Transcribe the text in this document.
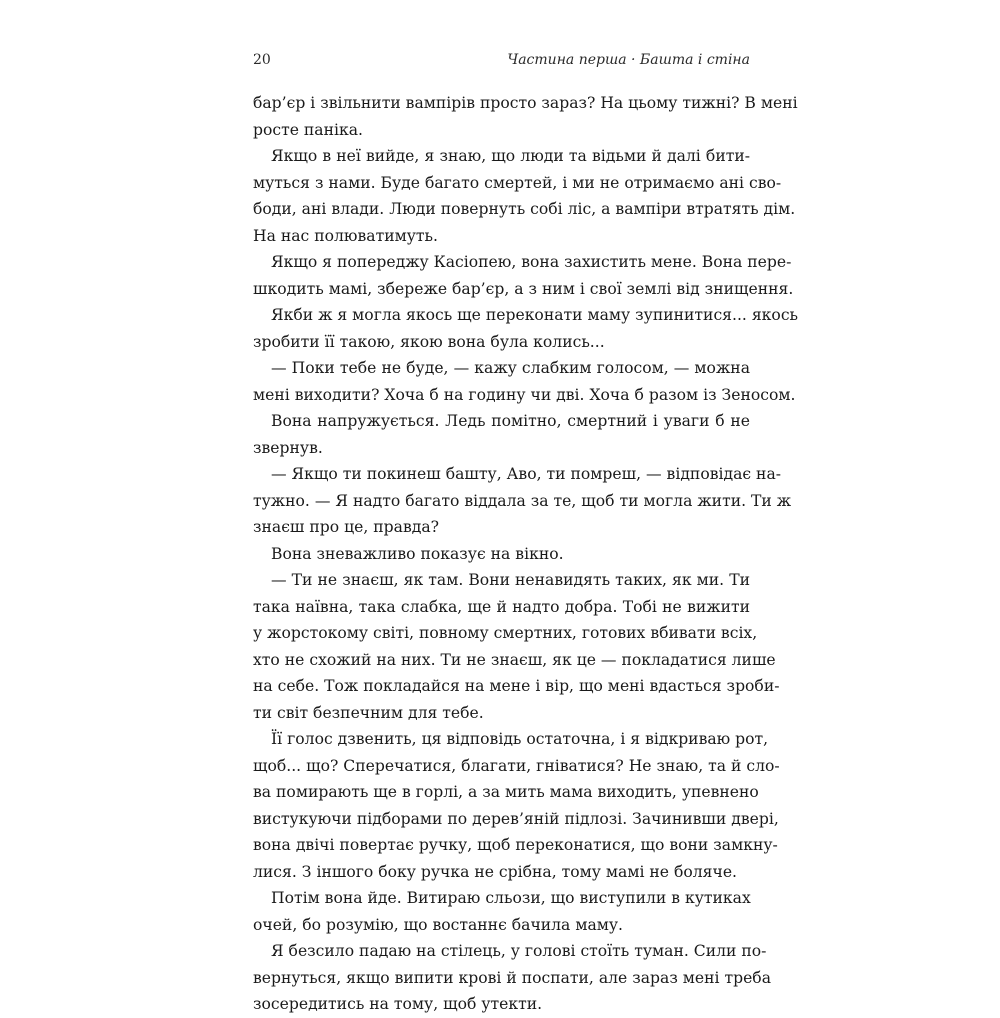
20	Частина перша · Башта і стіна
бар’єр і звільнити вампірів просто зараз? На цьому тижні? В мені
росте паніка.
Якщо в неї вийде, я знаю, що люди та відьми й далі бити-
муться з нами. Буде багато смертей, і ми не отримаємо ані сво-
боди, ані влади. Люди повернуть собі ліс, а вампіри втратять дім.
На нас полюватимуть.
Якщо я попереджу Касіопею, вона захистить мене. Вона пере-
шкодить мамі, збереже бар’єр, а з ним і свої землі від знищення.
Якби ж я могла якось ще переконати маму зупинитися... якось
зробити її такою, якою вона була колись...
— Поки тебе не буде, — кажу слабким голосом, — можна
мені виходити? Хоча б на годину чи дві. Хоча б разом із Зеносом.
Вона напружується. Ледь помітно, смертний і уваги б не
звернув.
— Якщо ти покинеш башту, Аво, ти помреш, — відповідає на-
тужно. — Я надто багато віддала за те, щоб ти могла жити. Ти ж
знаєш про це, правда?
Вона зневажливо показує на вікно.
— Ти не знаєш, як там. Вони ненавидять таких, як ми. Ти
така наївна, така слабка, ще й надто добра. Тобі не вижити
у жорстокому світі, повному смертних, готових вбивати всіх,
хто не схожий на них. Ти не знаєш, як це — покладатися лише
на себе. Тож покладайся на мене і вір, що мені вдасться зроби-
ти світ безпечним для тебе.
Її голос дзвенить, ця відповідь остаточна, і я відкриваю рот,
щоб... що? Сперечатися, благати, гніватися? Не знаю, та й сло-
ва помирають ще в горлі, а за мить мама виходить, упевнено
вистукуючи підборами по дерев’яній підлозі. Зачинивши двері,
вона двічі повертає ручку, щоб переконатися, що вони замкну-
лися. З іншого боку ручка не срібна, тому мамі не боляче.
Потім вона йде. Витираю сльози, що виступили в кутиках
очей, бо розумію, що востаннє бачила маму.
Я безсило падаю на стілець, у голові стоїть туман. Сили по-
вернуться, якщо випити крові й поспати, але зараз мені треба
зосередитись на тому, щоб утекти.
